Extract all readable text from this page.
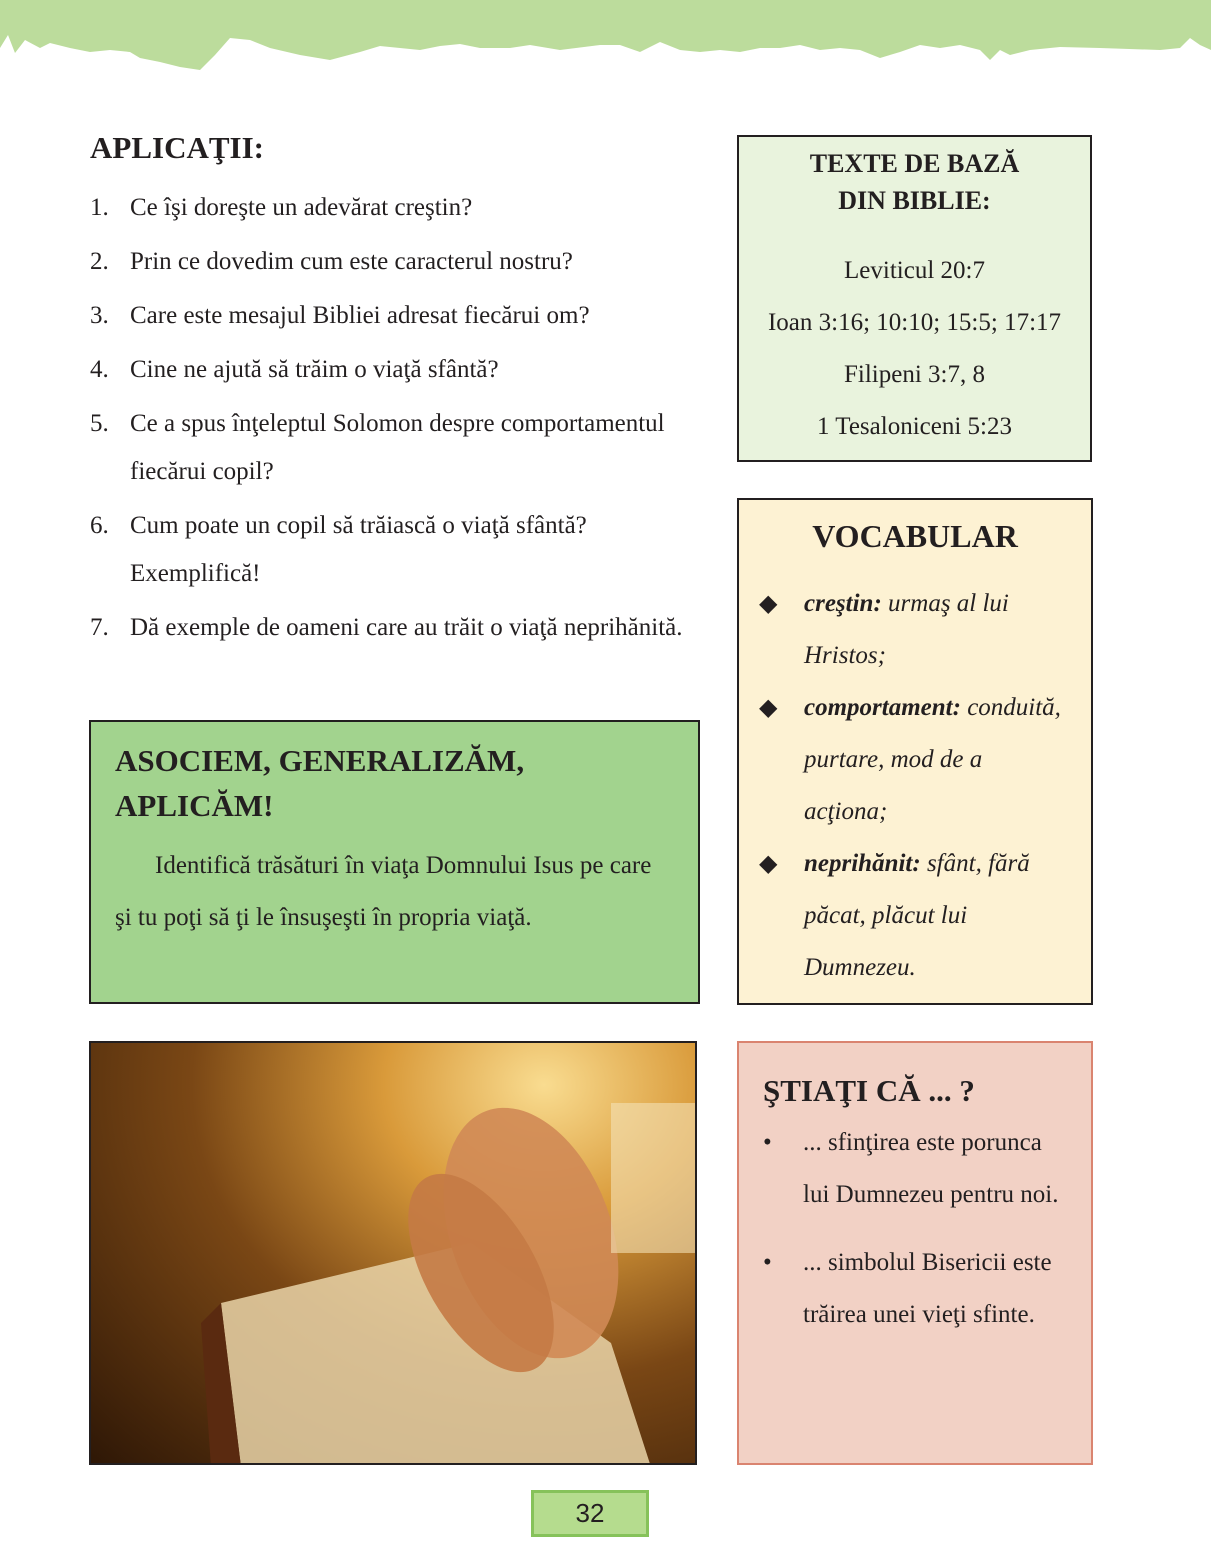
APLICAŢII:
1. Ce îşi doreşte un adevărat creştin?
2. Prin ce dovedim cum este caracterul nostru?
3. Care este mesajul Bibliei adresat fiecărui om?
4. Cine ne ajută să trăim o viaţă sfântă?
5. Ce a spus înţeleptul Solomon despre comportamentul fiecărui copil?
6. Cum poate un copil să trăiască o viaţă sfântă? Exemplifică!
7. Dă exemple de oameni care au trăit o viaţă neprihănită.
TEXTE DE BAZĂ
DIN BIBLIE:

Leviticul 20:7

Ioan 3:16; 10:10; 15:5; 17:17

Filipeni 3:7, 8

1 Tesaloniceni 5:23

ASOCIEM, GENERALIZĂM,
APLICĂM!

Identifică trăsături în viaţa Domnului Isus pe care şi tu poţi să ţi le însuşeşti în propria viaţă.

VOCABULAR
◆	creştin: urmaş al lui Hristos;
◆	comportament: conduită, purtare, mod de a acţiona;
◆	neprihănit: sfânt, fără păcat, plăcut lui Dumnezeu.
ŞTIAŢI CĂ ... ?
•	... sfinţirea este porunca lui Dumnezeu pentru noi.
•	... simbolul Bisericii este trăirea unei vieţi sfinte.
32
